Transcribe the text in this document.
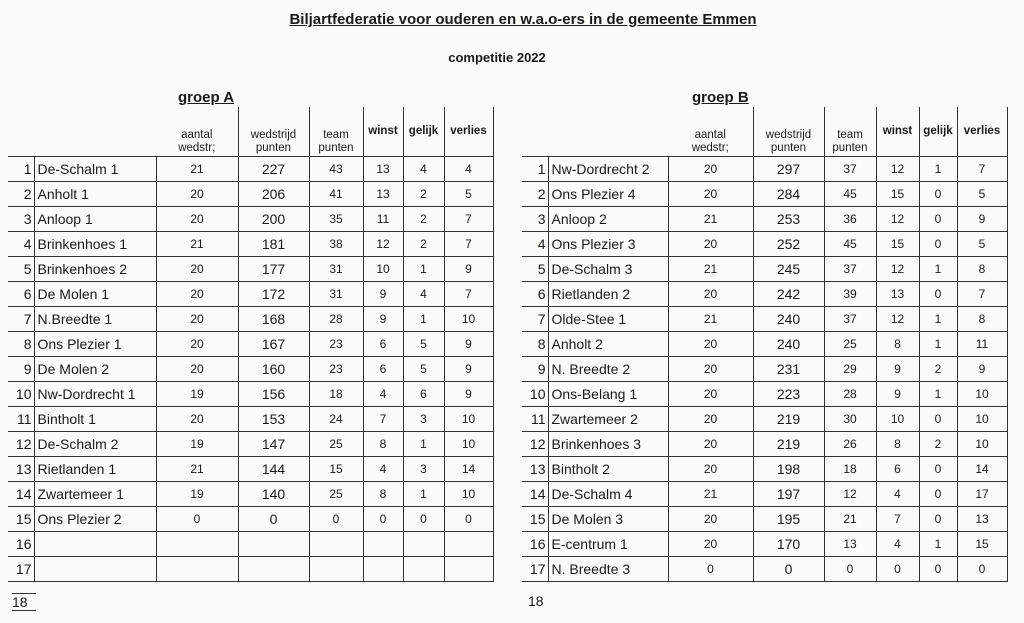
Biljartfederatie voor ouderen en w.a.o-ers in de gemeente Emmen
competitie 2022
groep A	groep B
		aantal
wedstr;	wedstrijd
punten	team
punten	winst	gelijk	verlies
1	De-Schalm 1	21	227	43	13	4	4
2	Anholt 1	20	206	41	13	2	5
3	Anloop 1	20	200	35	11	2	7
4	Brinkenhoes 1	21	181	38	12	2	7
5	Brinkenhoes 2	20	177	31	10	1	9
6	De Molen 1	20	172	31	9	4	7
7	N.Breedte 1	20	168	28	9	1	10
8	Ons Plezier 1	20	167	23	6	5	9
9	De Molen 2	20	160	23	6	5	9
10	Nw-Dordrecht 1	19	156	18	4	6	9
11	Bintholt 1	20	153	24	7	3	10
12	De-Schalm 2	19	147	25	8	1	10
13	Rietlanden 1	21	144	15	4	3	14
14	Zwartemeer 1	19	140	25	8	1	10
15	Ons Plezier 2	0	0	0	0	0	0
16							
17							
		aantal
wedstr;	wedstrijd
punten	team
punten	winst	gelijk	verlies
1	Nw-Dordrecht 2	20	297	37	12	1	7
2	Ons Plezier 4	20	284	45	15	0	5
3	Anloop 2	21	253	36	12	0	9
4	Ons Plezier 3	20	252	45	15	0	5
5	De-Schalm 3	21	245	37	12	1	8
6	Rietlanden 2	20	242	39	13	0	7
7	Olde-Stee 1	21	240	37	12	1	8
8	Anholt 2	20	240	25	8	1	11
9	N. Breedte 2	20	231	29	9	2	9
10	Ons-Belang 1	20	223	28	9	1	10
11	Zwartemeer 2	20	219	30	10	0	10
12	Brinkenhoes 3	20	219	26	8	2	10
13	Bintholt 2	20	198	18	6	0	14
14	De-Schalm 4	21	197	12	4	0	17
15	De Molen 3	20	195	21	7	0	13
16	E-centrum 1	20	170	13	4	1	15
17	N. Breedte 3	0	0	0	0	0	0
18	18
